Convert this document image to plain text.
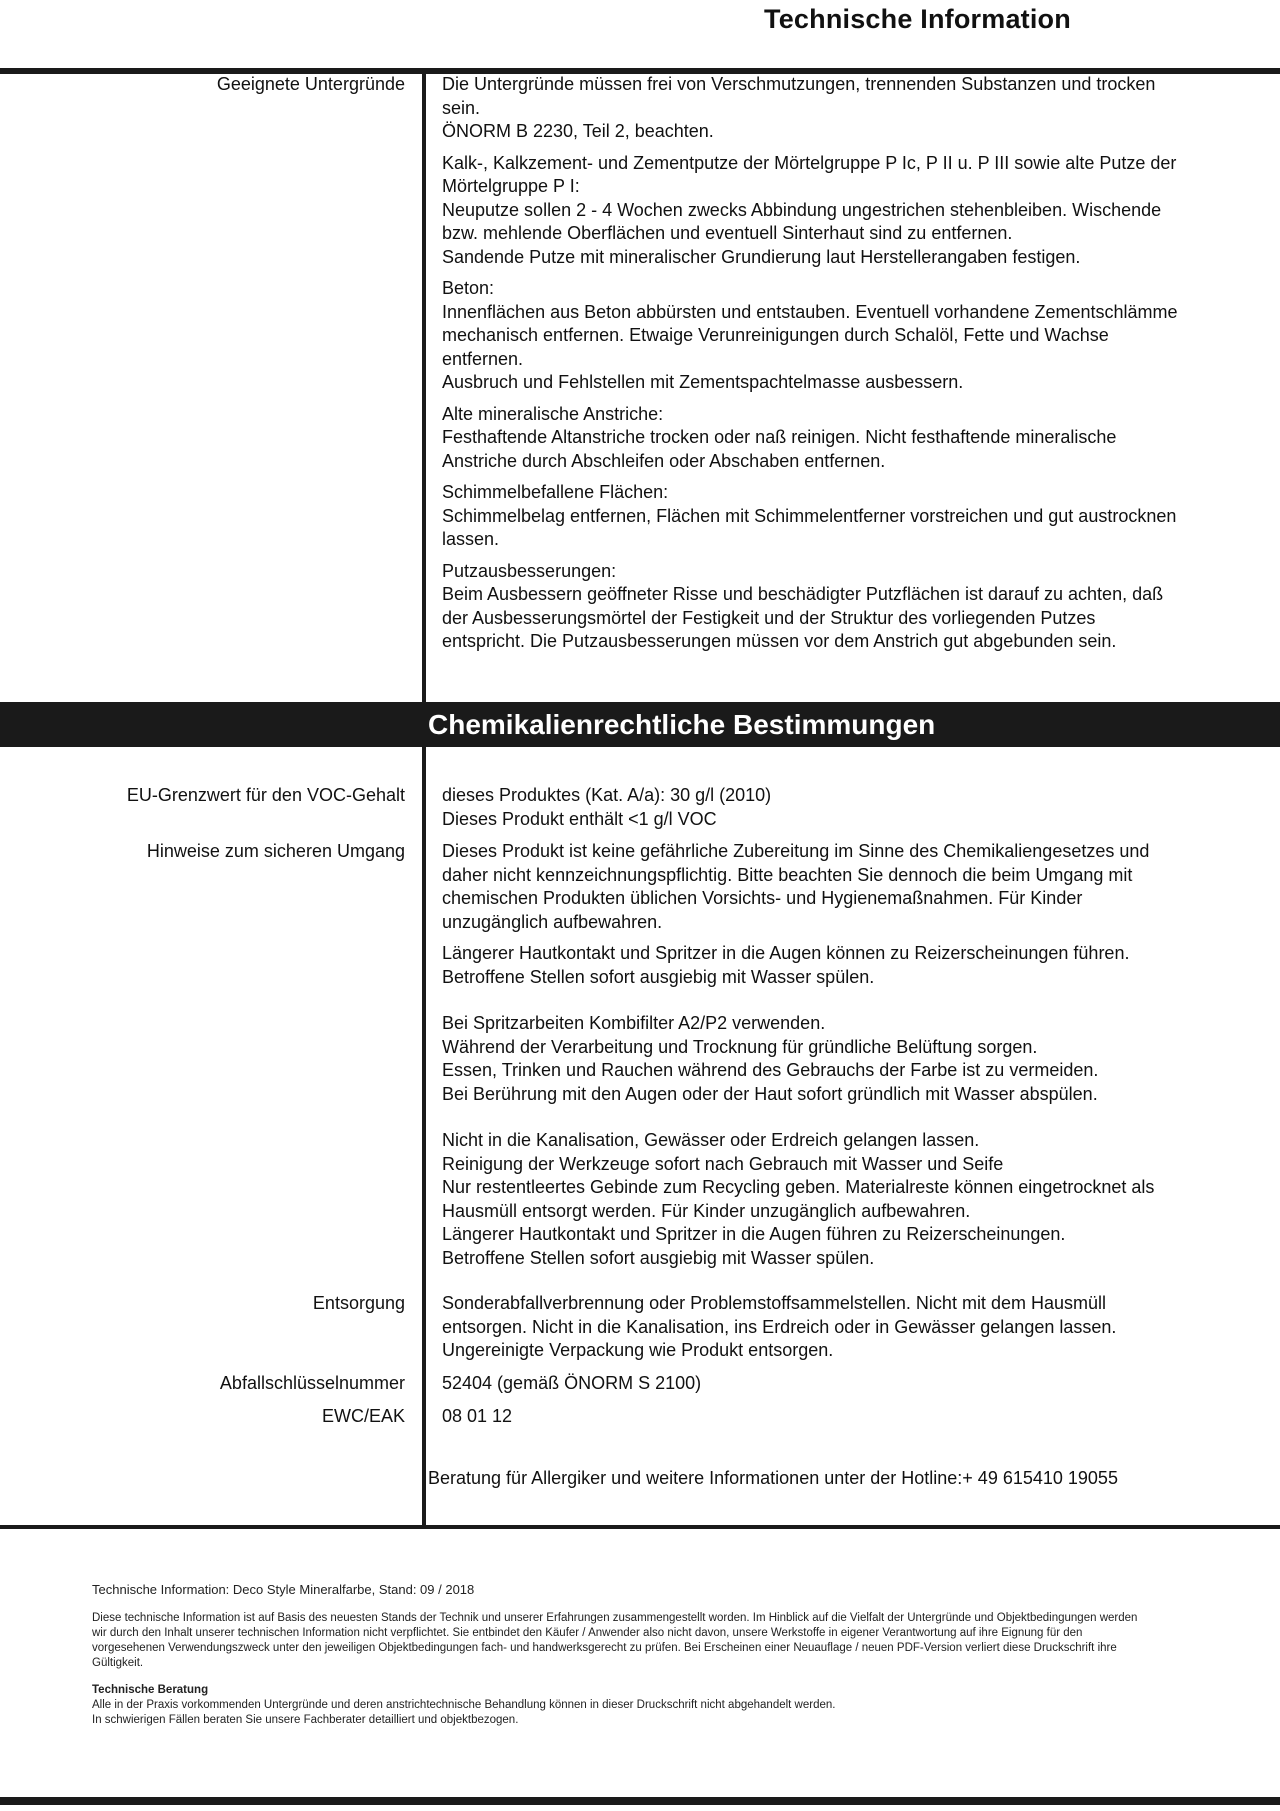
Technische Information
Geeignete Untergründe Die Untergründe müssen frei von Verschmutzungen, trennenden Substanzen und trocken

sein.

ÖNORM B 2230, Teil 2, beachten.

Kalk-, Kalkzement- und Zementputze der Mörtelgruppe P Ic, P II u. P III sowie alte Putze der

Mörtelgruppe P I:

Neuputze sollen 2 - 4 Wochen zwecks Abbindung ungestrichen stehenbleiben. Wischende

bzw. mehlende Oberflächen und eventuell Sinterhaut sind zu entfernen.

Sandende Putze mit mineralischer Grundierung laut Herstellerangaben festigen.

Beton:

Innenflächen aus Beton abbürsten und entstauben. Eventuell vorhandene Zementschlämme

mechanisch entfernen. Etwaige Verunreinigungen durch Schalöl, Fette und Wachse

entfernen.

Ausbruch und Fehlstellen mit Zementspachtelmasse ausbessern.

Alte mineralische Anstriche:

Festhaftende Altanstriche trocken oder naß reinigen. Nicht festhaftende mineralische

Anstriche durch Abschleifen oder Abschaben entfernen.

Schimmelbefallene Flächen:

Schimmelbelag entfernen, Flächen mit Schimmelentferner vorstreichen und gut austrocknen

lassen.

Putzausbesserungen:

Beim Ausbessern geöffneter Risse und beschädigter Putzflächen ist darauf zu achten, daß

der Ausbesserungsmörtel der Festigkeit und der Struktur des vorliegenden Putzes

entspricht. Die Putzausbesserungen müssen vor dem Anstrich gut abgebunden sein.

Chemikalienrechtliche Bestimmungen
EU-Grenzwert für den VOC-Gehalt dieses Produktes (Kat. A/a): 30 g/l (2010)

Dieses Produkt enthält <1 g/l VOC

Hinweise zum sicheren Umgang Dieses Produkt ist keine gefährliche Zubereitung im Sinne des Chemikaliengesetzes und

daher nicht kennzeichnungspflichtig. Bitte beachten Sie dennoch die beim Umgang mit

chemischen Produkten üblichen Vorsichts- und Hygienemaßnahmen. Für Kinder

unzugänglich aufbewahren.

Längerer Hautkontakt und Spritzer in die Augen können zu Reizerscheinungen führen.

Betroffene Stellen sofort ausgiebig mit Wasser spülen.

Bei Spritzarbeiten Kombifilter A2/P2 verwenden.

Während der Verarbeitung und Trocknung für gründliche Belüftung sorgen.

Essen, Trinken und Rauchen während des Gebrauchs der Farbe ist zu vermeiden.

Bei Berührung mit den Augen oder der Haut sofort gründlich mit Wasser abspülen.

Nicht in die Kanalisation, Gewässer oder Erdreich gelangen lassen.

Reinigung der Werkzeuge sofort nach Gebrauch mit Wasser und Seife

Nur restentleertes Gebinde zum Recycling geben. Materialreste können eingetrocknet als

Hausmüll entsorgt werden. Für Kinder unzugänglich aufbewahren.

Längerer Hautkontakt und Spritzer in die Augen führen zu Reizerscheinungen.

Betroffene Stellen sofort ausgiebig mit Wasser spülen.

Entsorgung Sonderabfallverbrennung oder Problemstoffsammelstellen. Nicht mit dem Hausmüll

entsorgen. Nicht in die Kanalisation, ins Erdreich oder in Gewässer gelangen lassen.

Ungereinigte Verpackung wie Produkt entsorgen.

Abfallschlüsselnummer 52404 (gemäß ÖNORM S 2100)
EWC/EAK 08 01 12
Beratung für Allergiker und weitere Informationen unter der Hotline:+ 49 615410 19055
Technische Information: Deco Style Mineralfarbe, Stand: 09 / 2018

Diese technische Information ist auf Basis des neuesten Stands der Technik und unserer Erfahrungen zusammengestellt worden. Im Hinblick auf die Vielfalt der Untergründe und Objektbedingungen werden

wir durch den Inhalt unserer technischen Information nicht verpflichtet. Sie entbindet den Käufer / Anwender also nicht davon, unsere Werkstoffe in eigener Verantwortung auf ihre Eignung für den

vorgesehenen Verwendungszweck unter den jeweiligen Objektbedingungen fach- und handwerksgerecht zu prüfen. Bei Erscheinen einer Neuauflage / neuen PDF-Version verliert diese Druckschrift ihre

Gültigkeit.

Technische Beratung

Alle in der Praxis vorkommenden Untergründe und deren anstrichtechnische Behandlung können in dieser Druckschrift nicht abgehandelt werden.

In schwierigen Fällen beraten Sie unsere Fachberater detailliert und objektbezogen.
